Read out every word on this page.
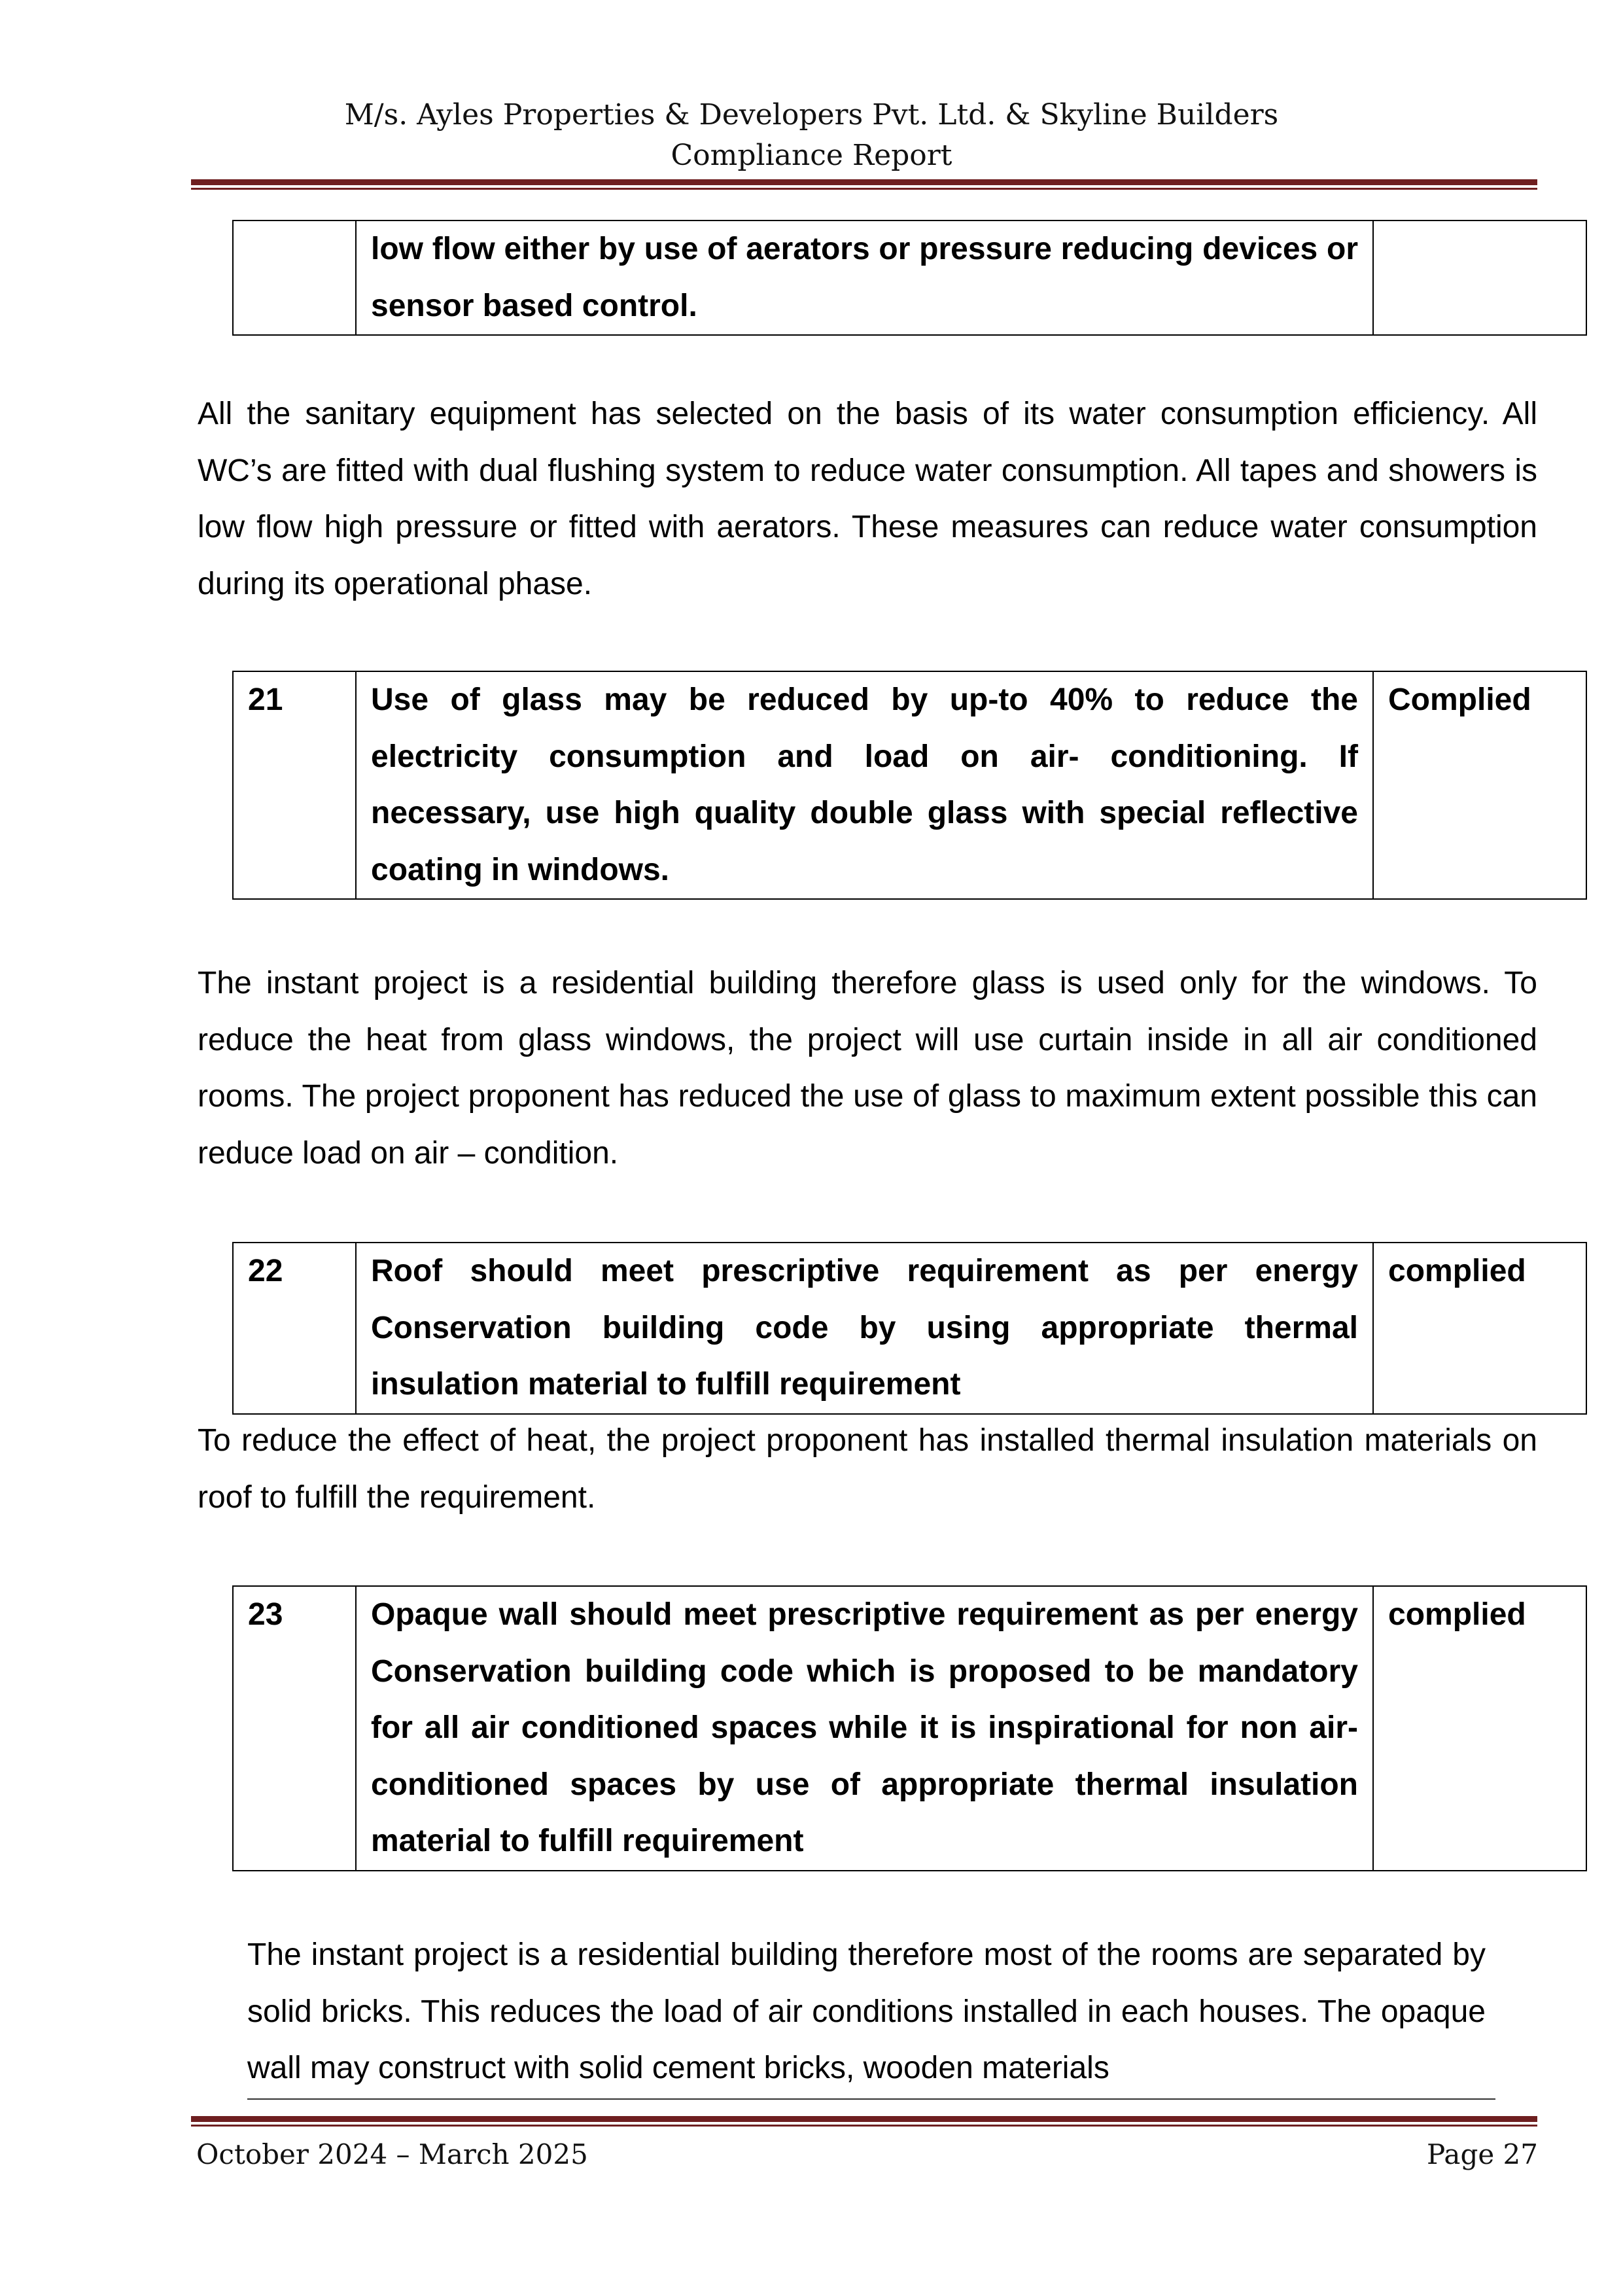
M/s. Ayles Properties & Developers Pvt. Ltd. & Skyline Builders
Compliance Report
	low flow either by use of aerators or pressure reducing devices or sensor based control.	
All the sanitary equipment has selected on the basis of its water consumption efficiency. All WC’s are fitted with dual flushing system to reduce water consumption. All tapes and showers is low flow high pressure or fitted with aerators. These measures can reduce water consumption during its operational phase.
21	Use of glass may be reduced by up-to 40% to reduce the electricity consumption and load on air- conditioning. If necessary, use high quality double glass with special reflective coating in windows.	Complied
The instant project is a residential building therefore glass is used only for the windows. To reduce the heat from glass windows, the project will use curtain inside in all air conditioned rooms. The project proponent has reduced the use of glass to maximum extent possible this can reduce load on air – condition.
22	Roof should meet prescriptive requirement as per energy Conservation building code by using appropriate thermal insulation material to fulfill requirement	complied
To reduce the effect of heat, the project proponent has installed thermal insulation materials on roof to fulfill the requirement.
23	Opaque wall should meet prescriptive requirement as per energy Conservation building code which is proposed to be mandatory for all air conditioned spaces while it is inspirational for non air-conditioned spaces by use of appropriate thermal insulation material to fulfill requirement	complied
The instant project is a residential building therefore most of the rooms are separated by solid bricks. This reduces the load of air conditions installed in each houses. The opaque wall may construct with solid cement bricks, wooden materials
October 2024 – March 2025	Page 27
